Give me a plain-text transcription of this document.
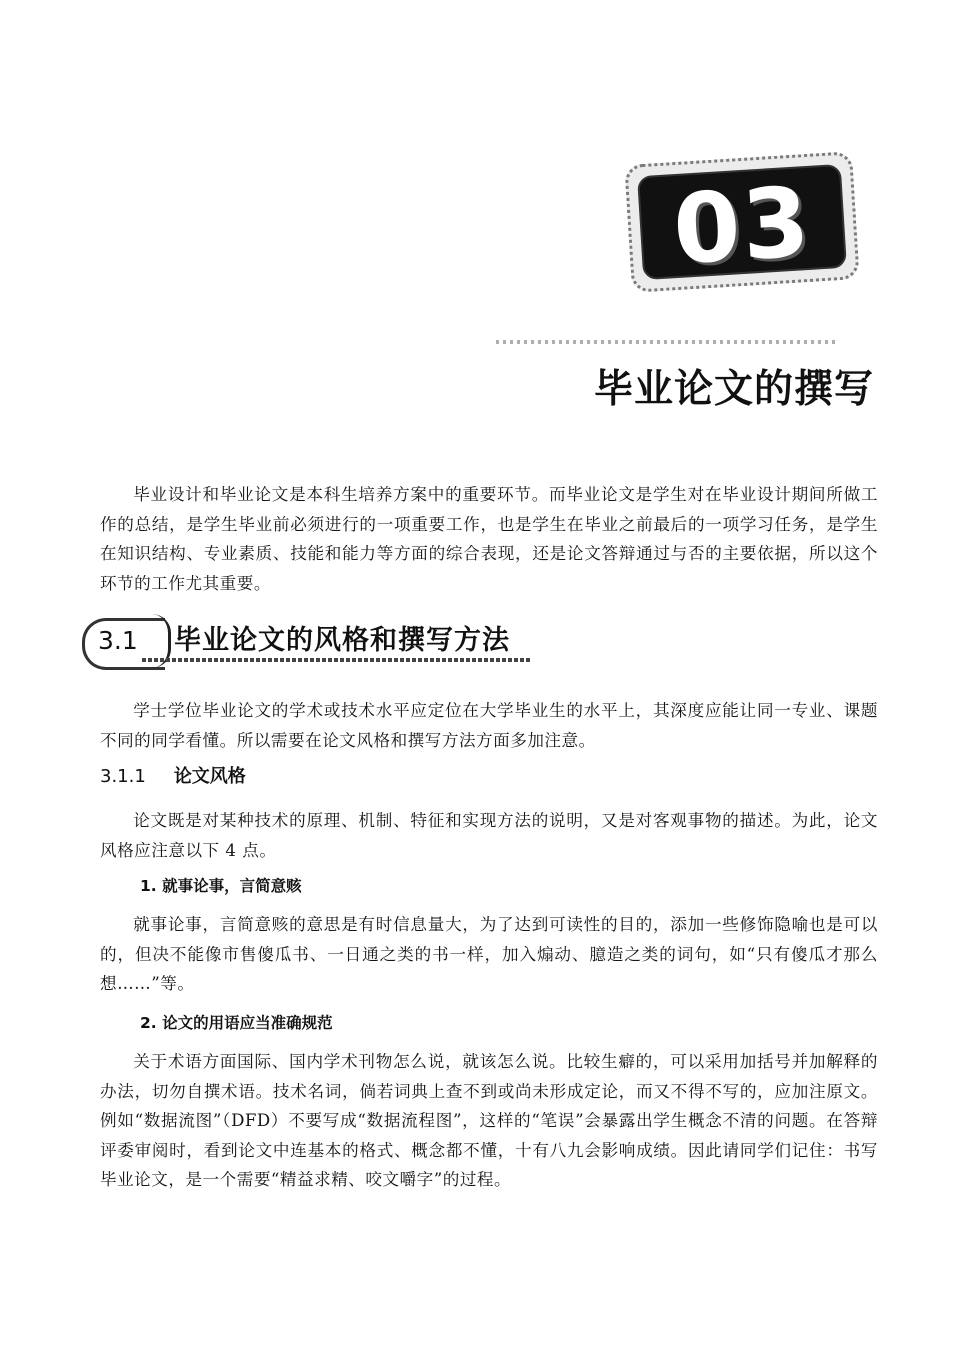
03
毕业论文的撰写

毕业设计和毕业论文是本科生培养方案中的重要环节。而毕业论文是学生对在毕业设计期间所做工作的总结，是学生毕业前必须进行的一项重要工作，也是学生在毕业之前最后的一项学习任务，是学生在知识结构、专业素质、技能和能力等方面的综合表现，还是论文答辩通过与否的主要依据，所以这个环节的工作尤其重要。

3.1 毕业论文的风格和撰写方法

学士学位毕业论文的学术或技术水平应定位在大学毕业生的水平上，其深度应能让同一专业、课题不同的同学看懂。所以需要在论文风格和撰写方法方面多加注意。

3.1.1 论文风格

论文既是对某种技术的原理、机制、特征和实现方法的说明，又是对客观事物的描述。为此，论文风格应注意以下 4 点。

1. 就事论事，言简意赅

就事论事，言简意赅的意思是有时信息量大，为了达到可读性的目的，添加一些修饰隐喻也是可以的，但决不能像市售傻瓜书、一日通之类的书一样，加入煽动、臆造之类的词句，如“只有傻瓜才那么想……”等。

2. 论文的用语应当准确规范

关于术语方面国际、国内学术刊物怎么说，就该怎么说。比较生癖的，可以采用加括号并加解释的办法，切勿自撰术语。技术名词，倘若词典上查不到或尚未形成定论，而又不得不写的，应加注原文。例如“数据流图”（DFD）不要写成“数据流程图”，这样的“笔误”会暴露出学生概念不清的问题。在答辩评委审阅时，看到论文中连基本的格式、概念都不懂，十有八九会影响成绩。因此请同学们记住：书写毕业论文，是一个需要“精益求精、咬文嚼字”的过程。
